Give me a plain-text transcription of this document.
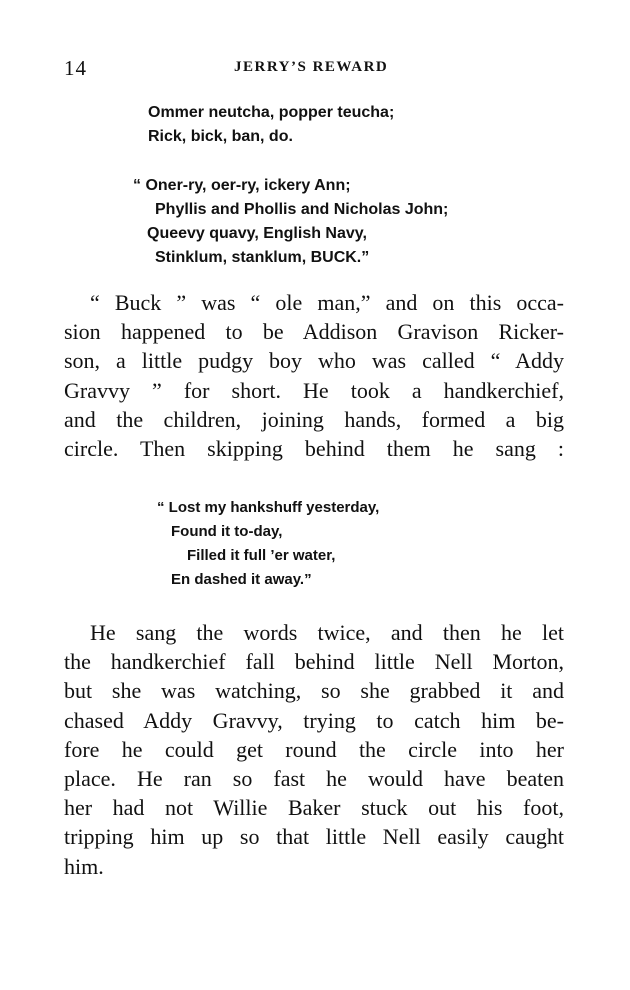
14	JERRY’S REWARD
Ommer neutcha, popper teucha;
Rick, bick, ban, do.
“ Oner-ry, oer-ry, ickery Ann;
Phyllis and Phollis and Nicholas John;
Queevy quavy, English Navy,
Stinklum, stanklum, BUCK.”
“ Buck ” was “ ole man,” and on this occa-
sion happened to be Addison Gravison Ricker-
son, a little pudgy boy who was called “ Addy
Gravvy ” for short. He took a handkerchief,
and the children, joining hands, formed a big
circle. Then skipping behind them he sang :
“ Lost my hankshuff yesterday,
Found it to-day,
Filled it full ’er water,
En dashed it away.”
He sang the words twice, and then he let
the handkerchief fall behind little Nell Morton,
but she was watching, so she grabbed it and
chased Addy Gravvy, trying to catch him be-
fore he could get round the circle into her
place. He ran so fast he would have beaten
her had not Willie Baker stuck out his foot,
tripping him up so that little Nell easily caught
him.
